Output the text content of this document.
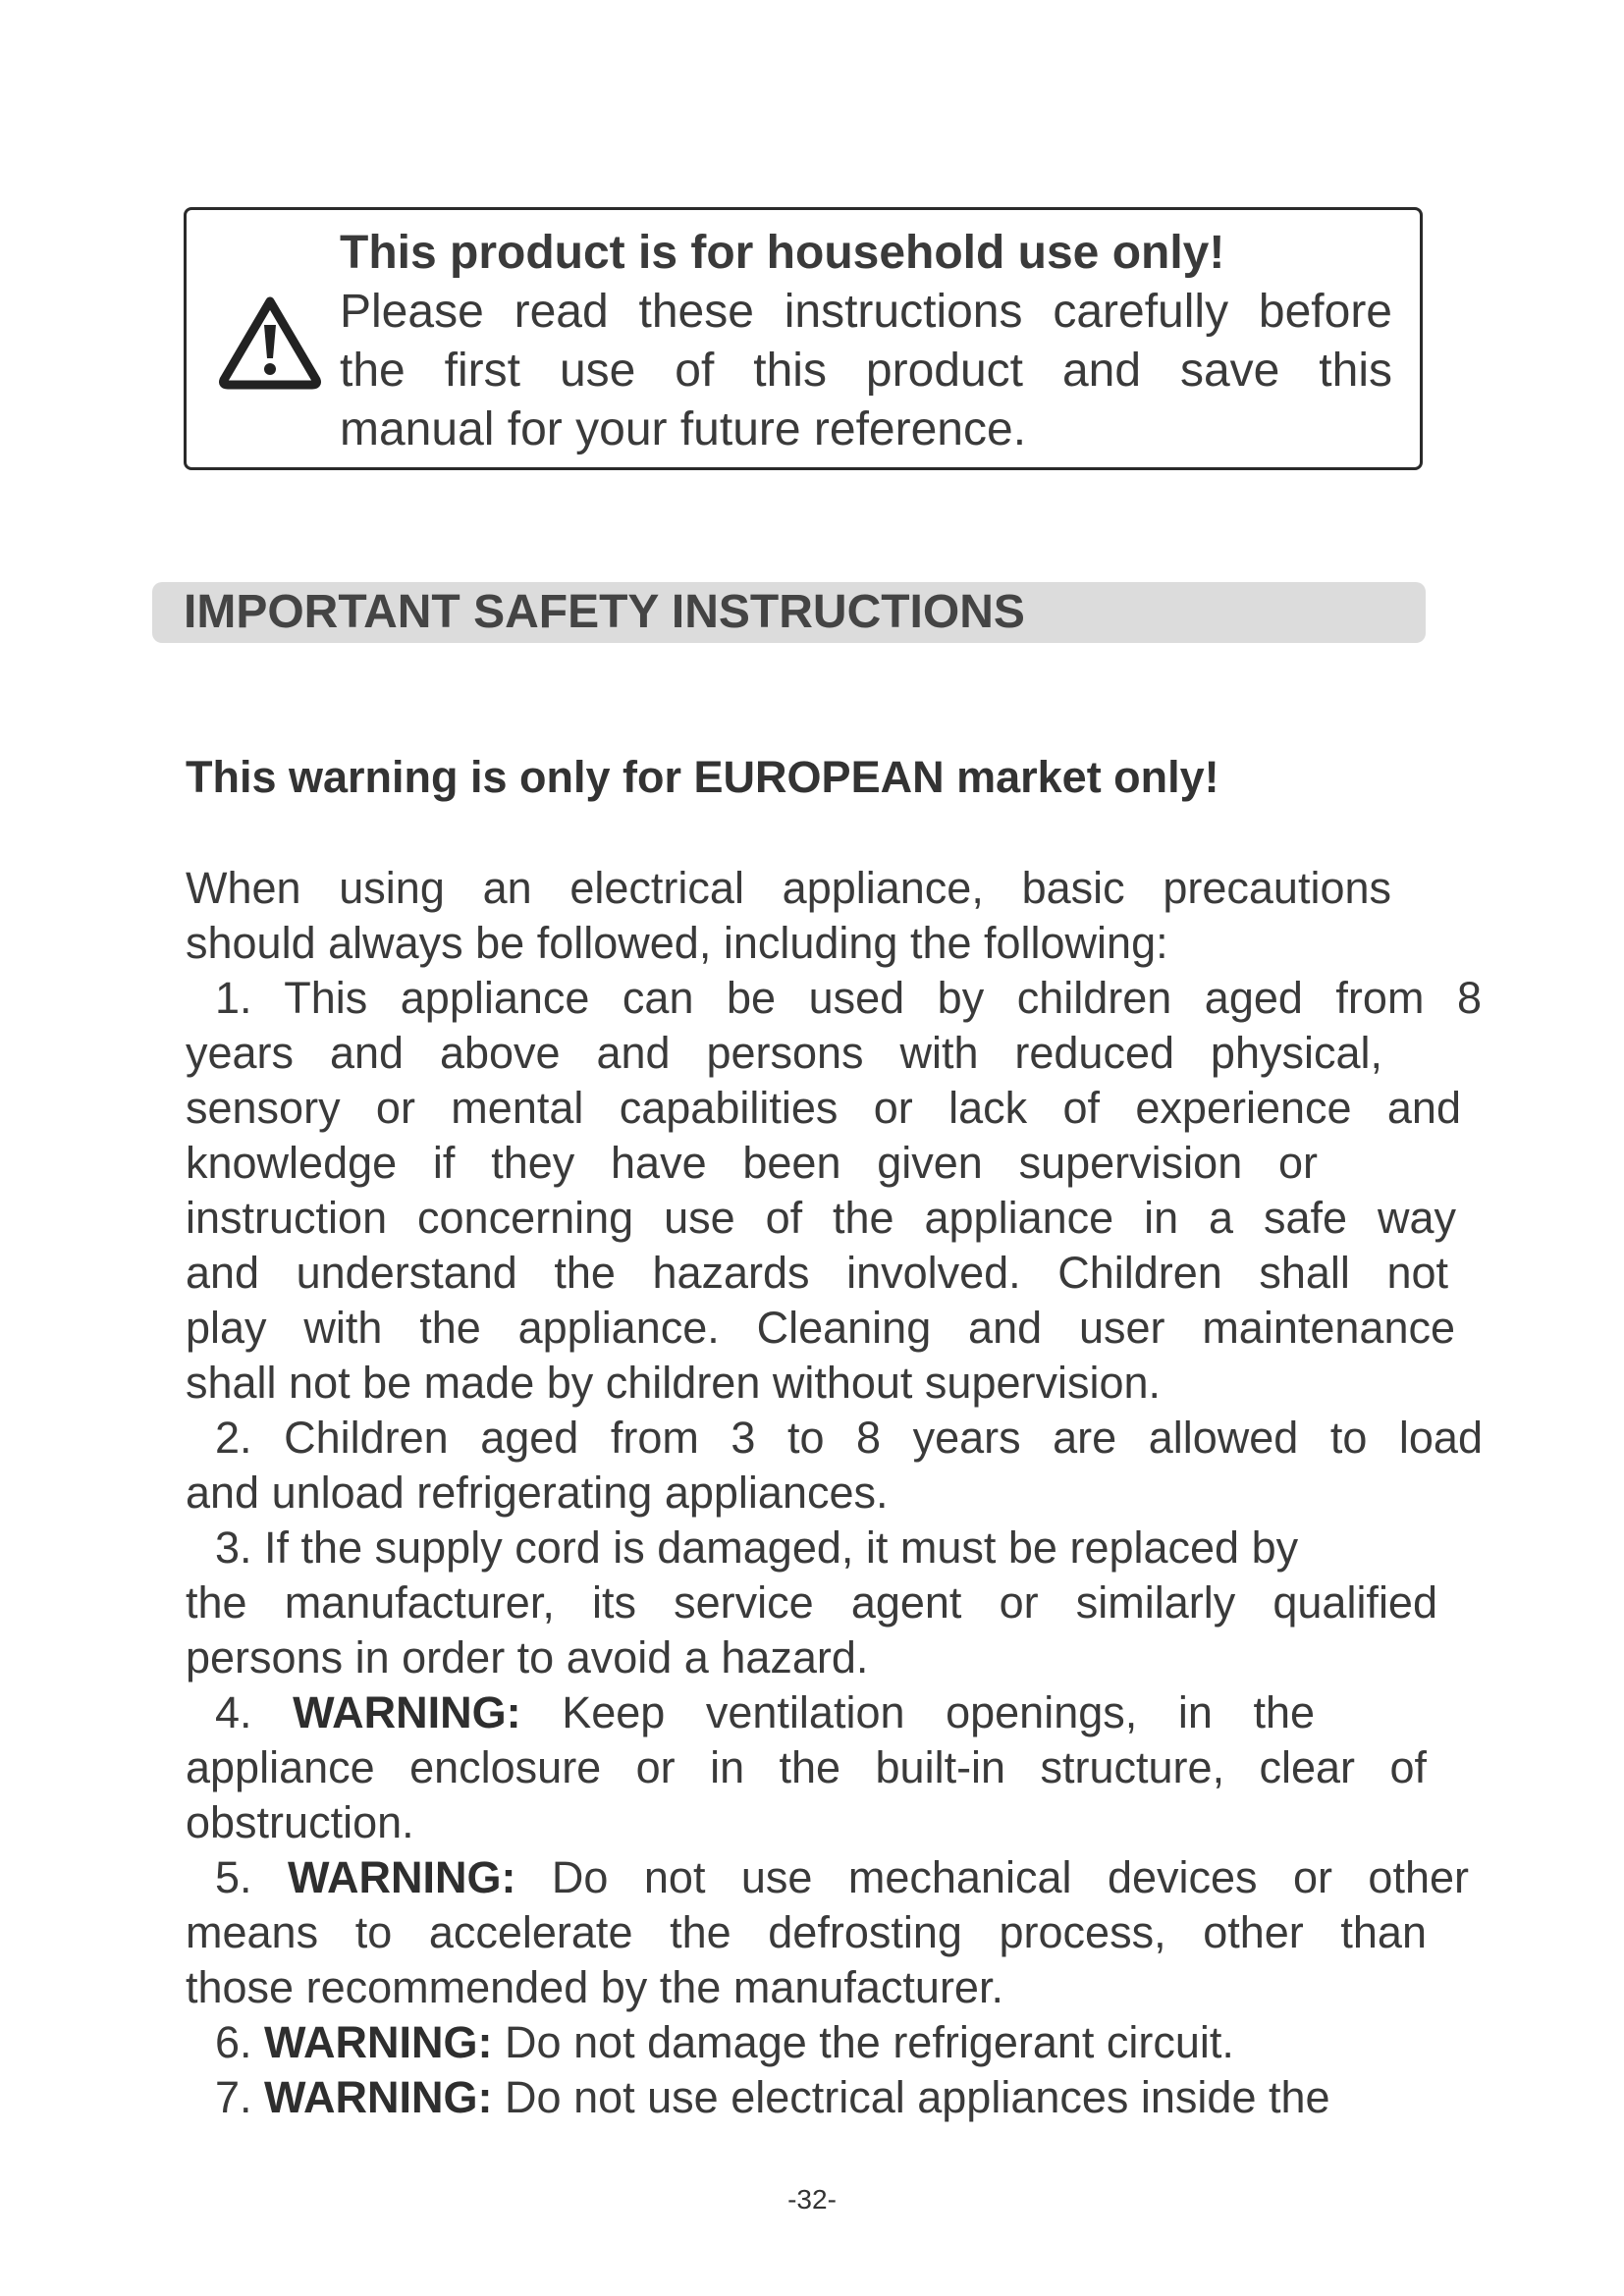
This product is for household use only!
Please read these instructions carefully before
the first use of this product and save this
manual for your future reference.
IMPORTANT SAFETY INSTRUCTIONS
This warning is only for EUROPEAN market only!
When using an electrical appliance, basic precautions
should always be followed, including the following:
1. This appliance can be used by children aged from 8
years and above and persons with reduced physical,
sensory or mental capabilities or lack of experience and
knowledge if they have been given supervision or
instruction concerning use of the appliance in a safe way
and understand the hazards involved. Children shall not
play with the appliance. Cleaning and user maintenance
shall not be made by children without supervision.
2. Children aged from 3 to 8 years are allowed to load
and unload refrigerating appliances.
3. If the supply cord is damaged, it must be replaced by
the manufacturer, its service agent or similarly qualified
persons in order to avoid a hazard.
4. WARNING: Keep ventilation openings, in the
appliance enclosure or in the built-in structure, clear of
obstruction.
5. WARNING: Do not use mechanical devices or other
means to accelerate the defrosting process, other than
those recommended by the manufacturer.
6. WARNING: Do not damage the refrigerant circuit.
7. WARNING: Do not use electrical appliances inside the
-32-
